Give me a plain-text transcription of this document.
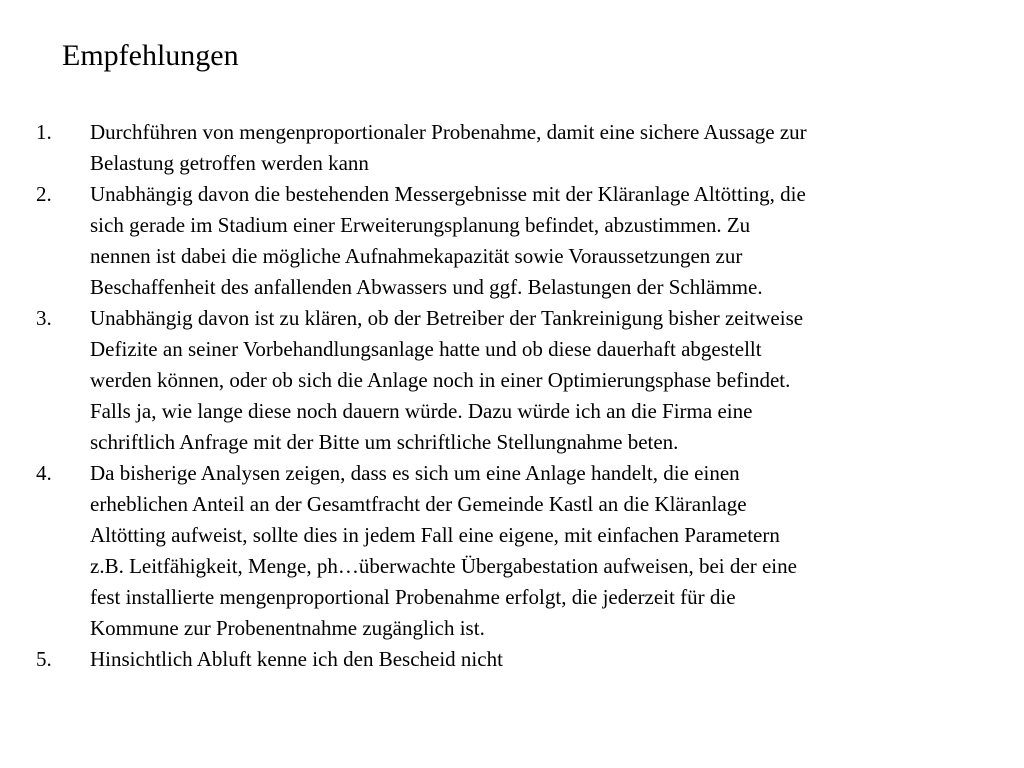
Empfehlungen
1. Durchführen von mengenproportionaler Probenahme, damit eine sichere Aussage zur
Belastung getroffen werden kann
2. Unabhängig davon die bestehenden Messergebnisse mit der Kläranlage Altötting, die
sich gerade im Stadium einer Erweiterungsplanung befindet, abzustimmen. Zu
nennen ist dabei die mögliche Aufnahmekapazität sowie Voraussetzungen zur
Beschaffenheit des anfallenden Abwassers und ggf. Belastungen der Schlämme.
3. Unabhängig davon ist zu klären, ob der Betreiber der Tankreinigung bisher zeitweise
Defizite an seiner Vorbehandlungsanlage hatte und ob diese dauerhaft abgestellt
werden können, oder ob sich die Anlage noch in einer Optimierungsphase befindet.
Falls ja, wie lange diese noch dauern würde. Dazu würde ich an die Firma eine
schriftlich Anfrage mit der Bitte um schriftliche Stellungnahme beten.
4. Da bisherige Analysen zeigen, dass es sich um eine Anlage handelt, die einen
erheblichen Anteil an der Gesamtfracht der Gemeinde Kastl an die Kläranlage
Altötting aufweist, sollte dies in jedem Fall eine eigene, mit einfachen Parametern
z.B. Leitfähigkeit, Menge, ph…überwachte Übergabestation aufweisen, bei der eine
fest installierte mengenproportional Probenahme erfolgt, die jederzeit für die
Kommune zur Probenentnahme zugänglich ist.
5. Hinsichtlich Abluft kenne ich den Bescheid nicht
